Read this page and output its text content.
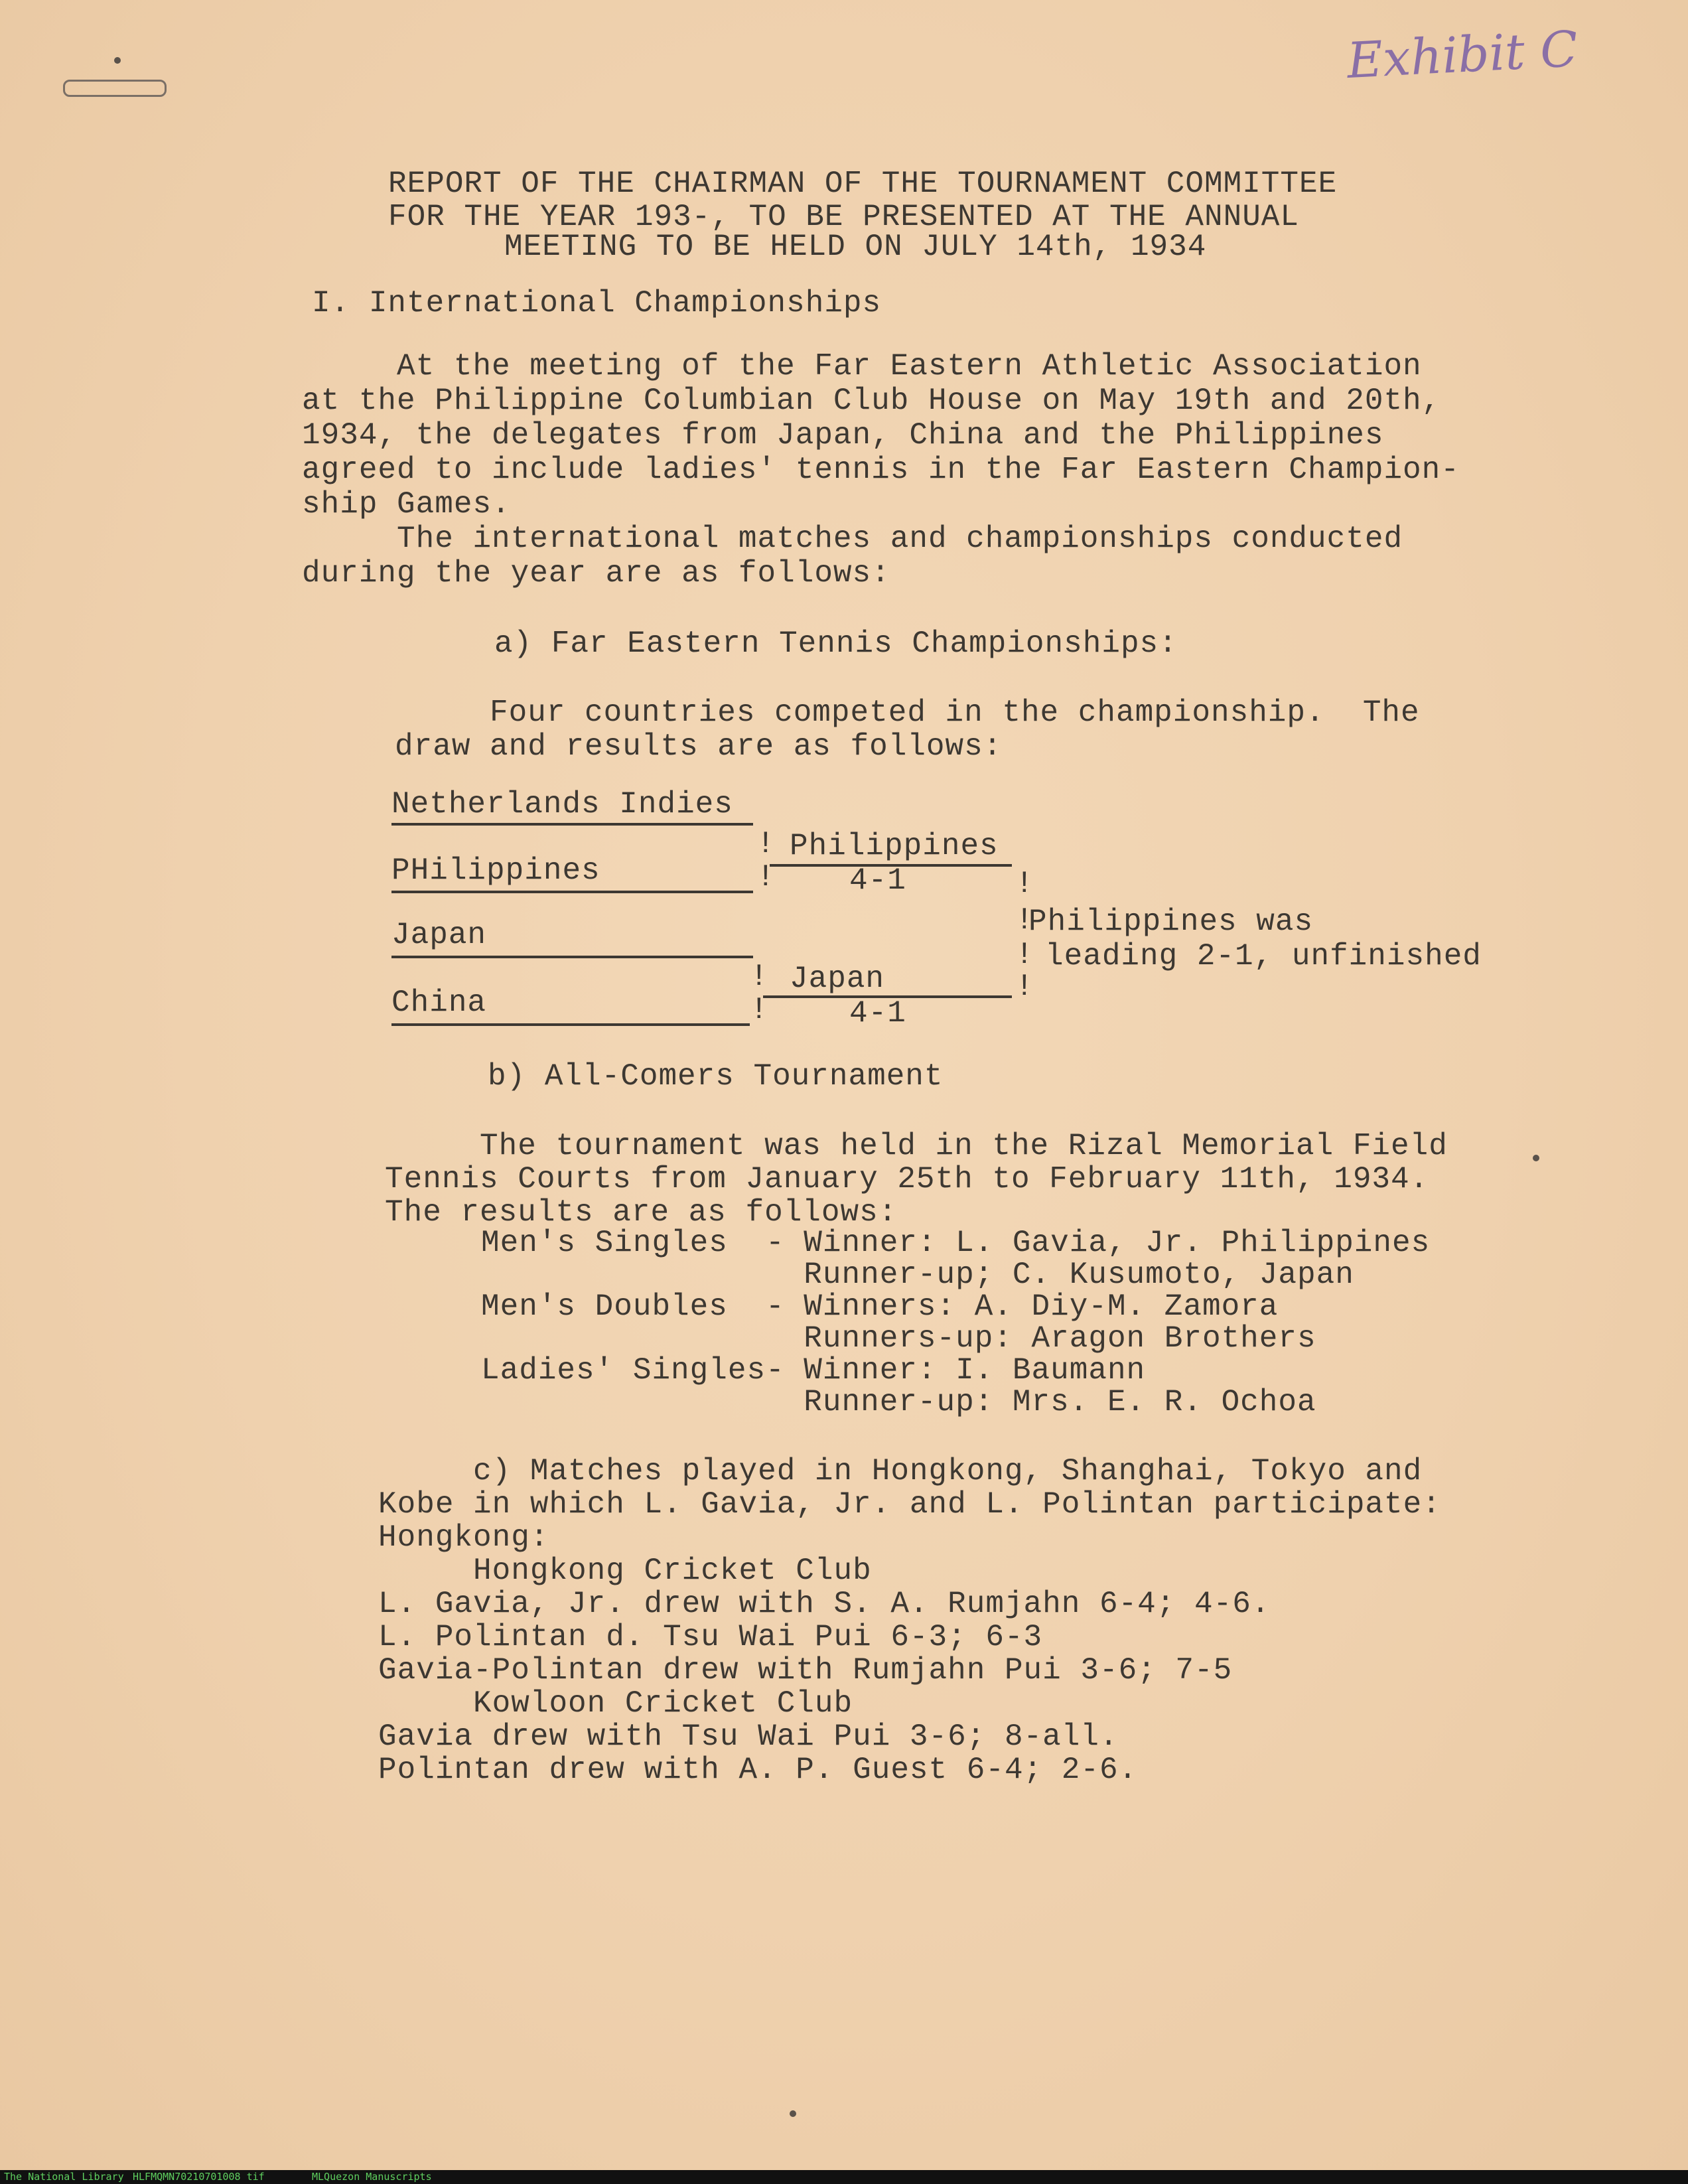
Exhibit C
REPORT OF THE CHAIRMAN OF THE TOURNAMENT COMMITTEE
FOR THE YEAR 193-, TO BE PRESENTED AT THE ANNUAL
MEETING TO BE HELD ON JULY 14th, 1934
I. International Championships
At the meeting of the Far Eastern Athletic Association
at the Philippine Columbian Club House on May 19th and 20th,
1934, the delegates from Japan, China and the Philippines
agreed to include ladies' tennis in the Far Eastern Champion-
ship Games.
The international matches and championships conducted
during the year are as follows:
a) Far Eastern Tennis Championships:
Four countries competed in the championship.  The
draw and results are as follows:
Netherlands Indies
! Philippines
PHilippines	! 4-1	!
!
Philippines was
! leading 2-1, unfinished
!
Japan
! Japan
China	!	4-1
b) All-Comers Tournament
The tournament was held in the Rizal Memorial Field
Tennis Courts from January 25th to February 11th, 1934.
The results are as follows:
Men's Singles  - Winner: L. Gavia, Jr. Philippines
Runner-up; C. Kusumoto, Japan
Men's Doubles  - Winners: A. Diy-M. Zamora
Runners-up: Aragon Brothers
Ladies' Singles- Winner: I. Baumann
Runner-up: Mrs. E. R. Ochoa
c) Matches played in Hongkong, Shanghai, Tokyo and
Kobe in which L. Gavia, Jr. and L. Polintan participate:
Hongkong:
Hongkong Cricket Club
L. Gavia, Jr. drew with S. A. Rumjahn 6-4; 4-6.
L. Polintan d. Tsu Wai Pui 6-3; 6-3
Gavia-Polintan drew with Rumjahn Pui 3-6; 7-5
Kowloon Cricket Club
Gavia drew with Tsu Wai Pui 3-6; 8-all.
Polintan drew with A. P. Guest 6-4; 2-6.
The National Library HLFMQMN70210701008 tif	MLQuezon Manuscripts
